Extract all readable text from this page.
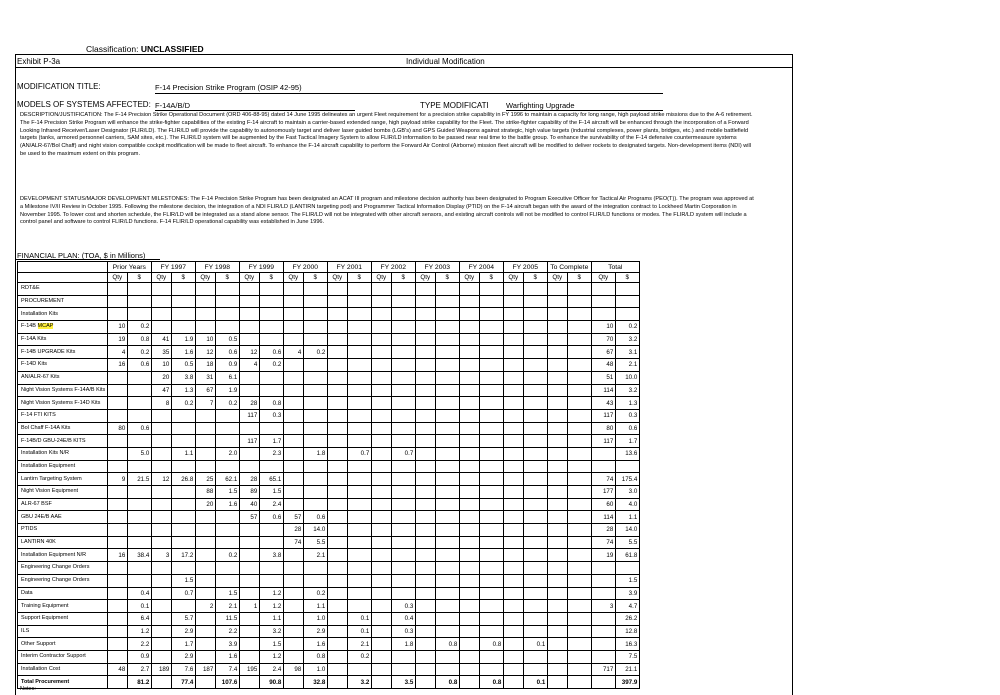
Classification: UNCLASSIFIED
Exhibit P-3a	Individual Modification
MODIFICATION TITLE:	F-14 Precision Strike Program (OSIP 42-95)
MODELS OF SYSTEMS AFFECTED: F-14A/B/D	TYPE MODIFICATI Warfighting Upgrade
DESCRIPTION/JUSTIFICATION: The F-14 Precision Strike Operational Document (ORD 406-88-95) dated 14 June 1995 delineates an urgent Fleet requirement for a precision strike capability in FY 1996 to maintain a capacity for long range, high payload strike missions due to the A-6 retirement. The F-14 Precision Strike Program will enhance the strike-fighter capabilities of the existing F-14 aircraft to maintain a carrier-based extended range, high payload strike capability for the Fleet. The strike-fighter capability of the F-14 aircraft will be enhanced through the incorporation of a Forward Looking Infrared Receiver/Laser Designator (FLIR/LD). The FLIR/LD will provide the capability to autonomously target and deliver laser guided bombs (LGB's) and GPS Guided Weapons against strategic, high value targets (industrial complexes, power plants, bridges, etc.) and mobile battlefield targets (tanks, armored personnel carriers, SAM sites, etc.). The FLIR/LD system will be augmented by the Fast Tactical Imagery System to allow FLIR/LD information to be passed near real time to the battle group. To enhance the survivability of the F-14 defensive countermeasure systems (AN/ALR-67/Bol Chaff) and night vision compatible cockpit modification will be made to fleet aircraft. To enhance the F-14 aircraft capability to perform the Forward Air Control (Airborne) mission fleet aircraft will be modified to deliver rockets to designated targets. Non-development items (NDI) will be used to the maximum extent on this program.
DEVELOPMENT STATUS/MAJOR DEVELOPMENT MILESTONES: The F-14 Precision Strike Program has been designated an ACAT III program and milestone decision authority has been designated to Program Executive Officer for Tactical Air Programs (PEO(T)). The program was approved at a Milestone IV/II Review in October 1995. Following the milestone decision, the integration of a NDI FLIR/LD (LANTIRN targeting pod) and Programmer Tactical Information Display (PTID) on the F-14 aircraft began with the award of the integration contract to Lockheed Martin Corporation in November 1995. To lower cost and shorten schedule, the FLIR/LD will be integrated as a stand alone sensor. The FLIR/LD will not be integrated with other aircraft sensors, and existing aircraft controls will not be modified to control FLIR/LD functions or modes. The FLIR/LD system will include a control panel and software to control FLIR/LD functions. F-14 FLIR/LD operational capability was established in June 1996.
FINANCIAL PLAN: (TOA, $ in Millions)
	Prior Years		FY 1997		FY 1998		FY 1999		FY 2000		FY 2001		FY 2002		FY 2003		FY 2004		FY 2005		To Complete		Total	
	Qty	$	Qty	$	Qty	$	Qty	$	Qty	$	Qty	$	Qty	$	Qty	$	Qty	$	Qty	$	Qty	$	Qty	$
RDT&E																								
PROCUREMENT																								
Installation Kits																								
F-14B MCAP	10	0.2																					10	0.2
F-14A Kits	19	0.8	41	1.9	10	0.5																	70	3.2
F-14B UPGRADE Kits	4	0.2	35	1.6	12	0.6	12	0.6	4	0.2													67	3.1
F-14D Kits	16	0.6	10	0.5	18	0.9	4	0.2															48	2.1
AN/ALR-67 Kits			20	3.8	31	6.1																	51	10.0
Night Vision Systems F-14A/B Kits			47	1.3	67	1.9																	114	3.2
Night Vision Systems F-14D Kits			8	0.2	7	0.2	28	0.8															43	1.3
F-14 FTI KITS							117	0.3															117	0.3
Bol Chaff F-14A Kits	80	0.6																					80	0.6
F-14B/D GBU-24E/B KITS							117	1.7															117	1.7
Installation Kits N/R		5.0		1.1		2.0		2.3		1.8		0.7		0.7										13.6
Installation Equipment																								
Lantirn Targeting System	9	21.5	12	26.8	25	62.1	28	65.1															74	175.4
Night Vision Equipment					88	1.5	89	1.5															177	3.0
ALR-67 BSF					20	1.6	40	2.4															60	4.0
GBU 24E/B AAE							57	0.6	57	0.6													114	1.1
PTIDS									28	14.0													28	14.0
LANTIRN 40K									74	5.5													74	5.5
Installation Equipment N/R	16	38.4	3	17.2		0.2		3.8		2.1													19	61.8
Engineering Change Orders																								
Engineering Change Orders				1.5																				1.5
Data		0.4		0.7		1.5		1.2		0.2														3.9
Training Equipment		0.1			2	2.1	1	1.2		1.1				0.3									3	4.7
Support Equipment		6.4		5.7		11.5		1.1		1.0		0.1		0.4										26.2
ILS		1.2		2.9		2.2		3.2		2.9		0.1		0.3										12.8
Other Support		2.2		1.7		3.9		1.5		1.6		2.1		1.8		0.8		0.8		0.1				16.3
Interim Contractor Support		0.9		2.9		1.6		1.2		0.8		0.2												7.5
Installation Cost	48	2.7	189	7.6	187	7.4	195	2.4	98	1.0													717	21.1
Total Procurement		81.2		77.4		107.6		90.8		32.8		3.2		3.5		0.8		0.8		0.1				397.9
Notes:
